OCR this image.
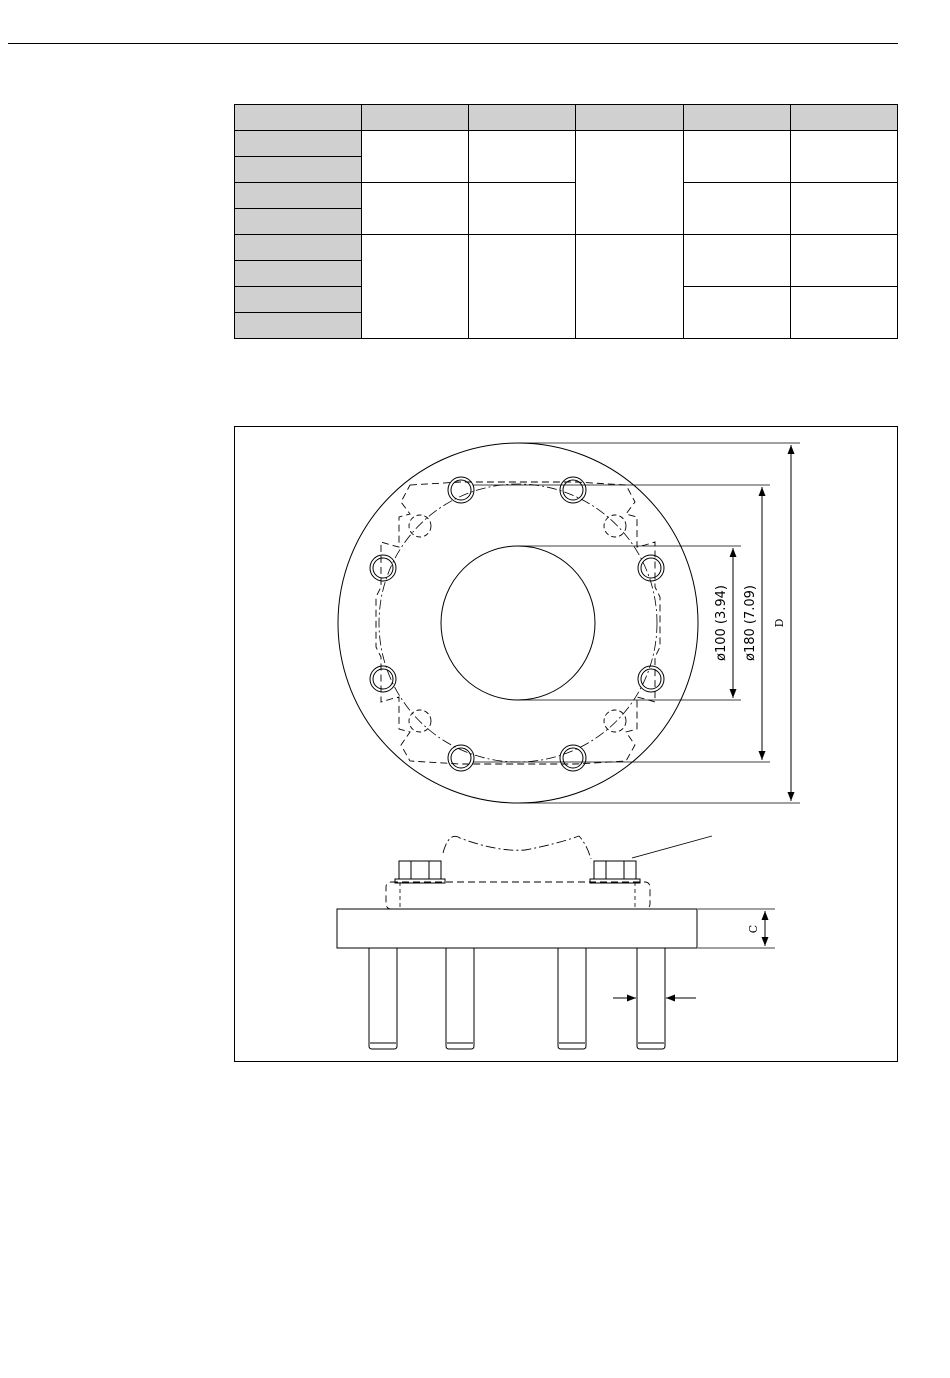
ø100 (3.94) ø180 (7.09) D
C
